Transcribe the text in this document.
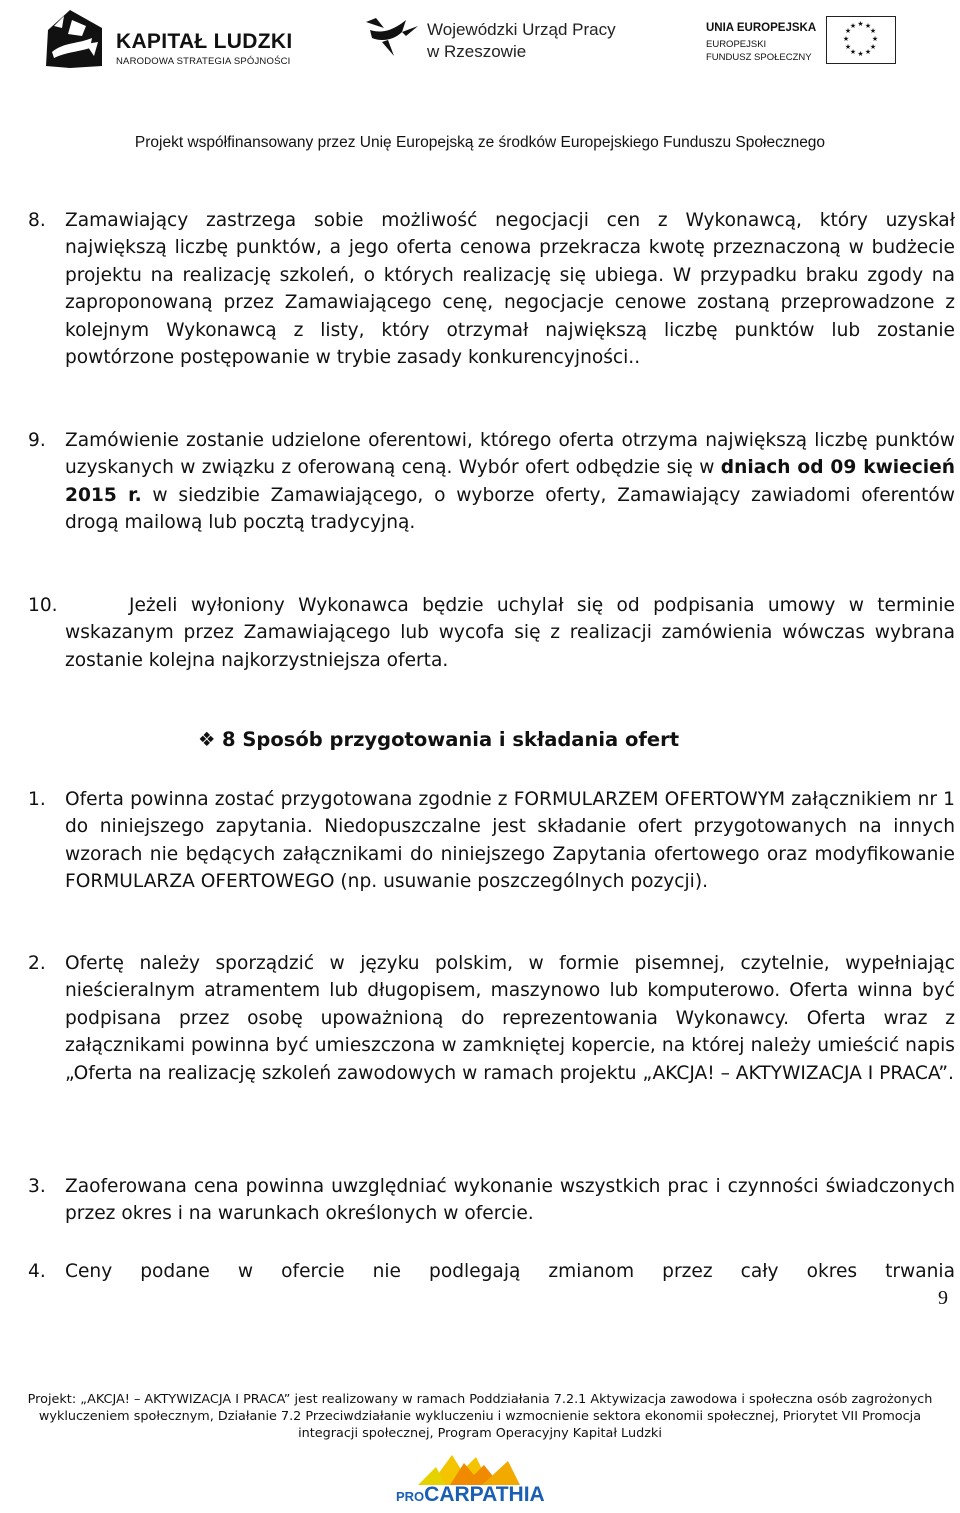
KAPITAŁ LUDZKI
NARODOWA STRATEGIA SPÓJNOŚCI
Wojewódzki Urząd Pracy
w Rzeszowie
UNIA EUROPEJSKA
EUROPEJSKI
FUNDUSZ SPOŁECZNY
★ ★
★
★
★
★
★
★
★
★
★
★
Projekt współfinansowany przez Unię Europejską ze środków Europejskiego Funduszu Społecznego
8. Zamawiający zastrzega sobie możliwość negocjacji cen z Wykonawcą, który uzyskał największą liczbę punktów, a jego oferta cenowa przekracza kwotę przeznaczoną w budżecie projektu na realizację szkoleń, o których realizację się ubiega. W przypadku braku zgody na zaproponowaną przez Zamawiającego cenę, negocjacje cenowe zostaną przeprowadzone z kolejnym Wykonawcą z listy, który otrzymał największą liczbę punktów lub zostanie powtórzone postępowanie w trybie zasady konkurencyjności..
9. Zamówienie zostanie udzielone oferentowi, którego oferta otrzyma największą liczbę punktów uzyskanych w związku z oferowaną ceną. Wybór ofert odbędzie się w dniach od 09 kwiecień 2015 r. w siedzibie Zamawiającego, o wyborze oferty, Zamawiający zawiadomi oferentów drogą mailową lub pocztą tradycyjną.
10.	Jeżeli wyłoniony Wykonawca będzie uchylał się od podpisania umowy w terminie wskazanym przez Zamawiającego lub wycofa się z realizacji zamówienia wówczas wybrana zostanie kolejna najkorzystniejsza oferta.
❖ 8 Sposób przygotowania i składania ofert
1. Oferta powinna zostać przygotowana zgodnie z FORMULARZEM OFERTOWYM załącznikiem nr 1 do niniejszego zapytania. Niedopuszczalne jest składanie ofert przygotowanych na innych wzorach nie będących załącznikami do niniejszego Zapytania ofertowego oraz modyfikowanie FORMULARZA OFERTOWEGO (np. usuwanie poszczególnych pozycji).
2. Ofertę należy sporządzić w języku polskim, w formie pisemnej, czytelnie, wypełniając nieścieralnym atramentem lub długopisem, maszynowo lub komputerowo. Oferta winna być podpisana przez osobę upoważnioną do reprezentowania Wykonawcy. Oferta wraz z załącznikami powinna być umieszczona w zamkniętej kopercie, na której należy umieścić napis „Oferta na realizację szkoleń zawodowych w ramach projektu „AKCJA! – AKTYWIZACJA I PRACA”.
3. Zaoferowana cena powinna uwzględniać wykonanie wszystkich prac i czynności świadczonych przez okres i na warunkach określonych w ofercie.
4. Ceny podane w ofercie nie podlegają zmianom przez cały okres trwania
9
Projekt: „AKCJA! – AKTYWIZACJA I PRACA” jest realizowany w ramach Poddziałania 7.2.1 Aktywizacja zawodowa i społeczna osób zagrożonych
wykluczeniem społecznym, Działanie 7.2 Przeciwdziałanie wykluczeniu i wzmocnienie sektora ekonomii społecznej, Priorytet VII Promocja
integracji społecznej, Program Operacyjny Kapitał Ludzki
PROCARPATHIA
